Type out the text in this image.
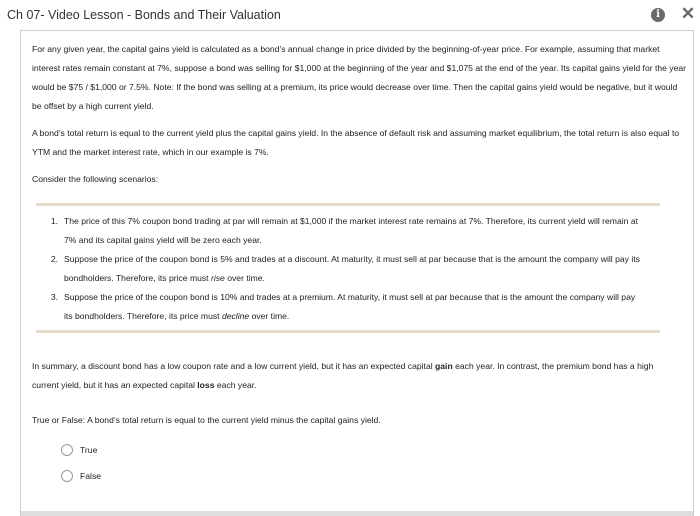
Ch 07- Video Lesson - Bonds and Their Valuation	i ✕

For any given year, the capital gains yield is calculated as a bond’s annual change in price divided by the beginning-of-year price. For example, assuming that market interest rates remain constant at 7%, suppose a bond was selling for $1,000 at the beginning of the year and $1,075 at the end of the year. Its capital gains yield for the year would be $75 / $1,000 or 7.5%. Note: If the bond was selling at a premium, its price would decrease over time. Then the capital gains yield would be negative, but it would be offset by a high current yield.

A bond’s total return is equal to the current yield plus the capital gains yield. In the absence of default risk and assuming market equilibrium, the total return is also equal to YTM and the market interest rate, which in our example is 7%.

Consider the following scenarios:

1. The price of this 7% coupon bond trading at par will remain at $1,000 if the market interest rate remains at 7%. Therefore, its current yield will remain at 7% and its capital gains yield will be zero each year.
2. Suppose the price of the coupon bond is 5% and trades at a discount. At maturity, it must sell at par because that is the amount the company will pay its bondholders. Therefore, its price must rise over time.
3. Suppose the price of the coupon bond is 10% and trades at a premium. At maturity, it must sell at par because that is the amount the company will pay its bondholders. Therefore, its price must decline over time.

In summary, a discount bond has a low coupon rate and a low current yield, but it has an expected capital gain each year. In contrast, the premium bond has a high current yield, but it has an expected capital loss each year.

True or False: A bond’s total return is equal to the current yield minus the capital gains yield.

True
False
